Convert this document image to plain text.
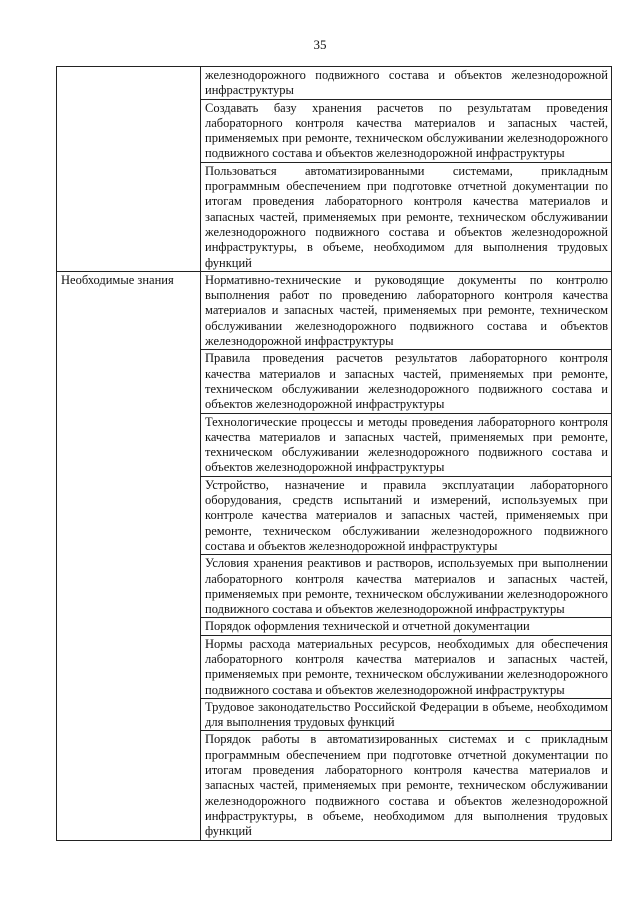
35

	железнодорожного подвижного состава и объектов железнодорожной инфраструктуры

	Создавать базу хранения расчетов по результатам проведения лабораторного контроля качества материалов и запасных частей, применяемых при ремонте, техническом обслуживании железнодорожного подвижного состава и объектов железнодорожной инфраструктуры

	Пользоваться автоматизированными системами, прикладным программным обеспечением при подготовке отчетной документации по итогам проведения лабораторного контроля качества материалов и запасных частей, применяемых при ремонте, техническом обслуживании железнодорожного подвижного состава и объектов железнодорожной инфраструктуры, в объеме, необходимом для выполнения трудовых функций

Необходимые знания	Нормативно-технические и руководящие документы по контролю выполнения работ по проведению лабораторного контроля качества материалов и запасных частей, применяемых при ремонте, техническом обслуживании железнодорожного подвижного состава и объектов железнодорожной инфраструктуры

	Правила проведения расчетов результатов лабораторного контроля качества материалов и запасных частей, применяемых при ремонте, техническом обслуживании железнодорожного подвижного состава и объектов железнодорожной инфраструктуры

	Технологические процессы и методы проведения лабораторного контроля качества материалов и запасных частей, применяемых при ремонте, техническом обслуживании железнодорожного подвижного состава и объектов железнодорожной инфраструктуры

	Устройство, назначение и правила эксплуатации лабораторного оборудования, средств испытаний и измерений, используемых при контроле качества материалов и запасных частей, применяемых при ремонте, техническом обслуживании железнодорожного подвижного состава и объектов железнодорожной инфраструктуры

	Условия хранения реактивов и растворов, используемых при выполнении лабораторного контроля качества материалов и запасных частей, применяемых при ремонте, техническом обслуживании железнодорожного подвижного состава и объектов железнодорожной инфраструктуры

	Порядок оформления технической и отчетной документации

	Нормы расхода материальных ресурсов, необходимых для обеспечения лабораторного контроля качества материалов и запасных частей, применяемых при ремонте, техническом обслуживании железнодорожного подвижного состава и объектов железнодорожной инфраструктуры

	Трудовое законодательство Российской Федерации в объеме, необходимом для выполнения трудовых функций

	Порядок работы в автоматизированных системах и с прикладным программным обеспечением при подготовке отчетной документации по итогам проведения лабораторного контроля качества материалов и запасных частей, применяемых при ремонте, техническом обслуживании железнодорожного подвижного состава и объектов железнодорожной инфраструктуры, в объеме, необходимом для выполнения трудовых функций
